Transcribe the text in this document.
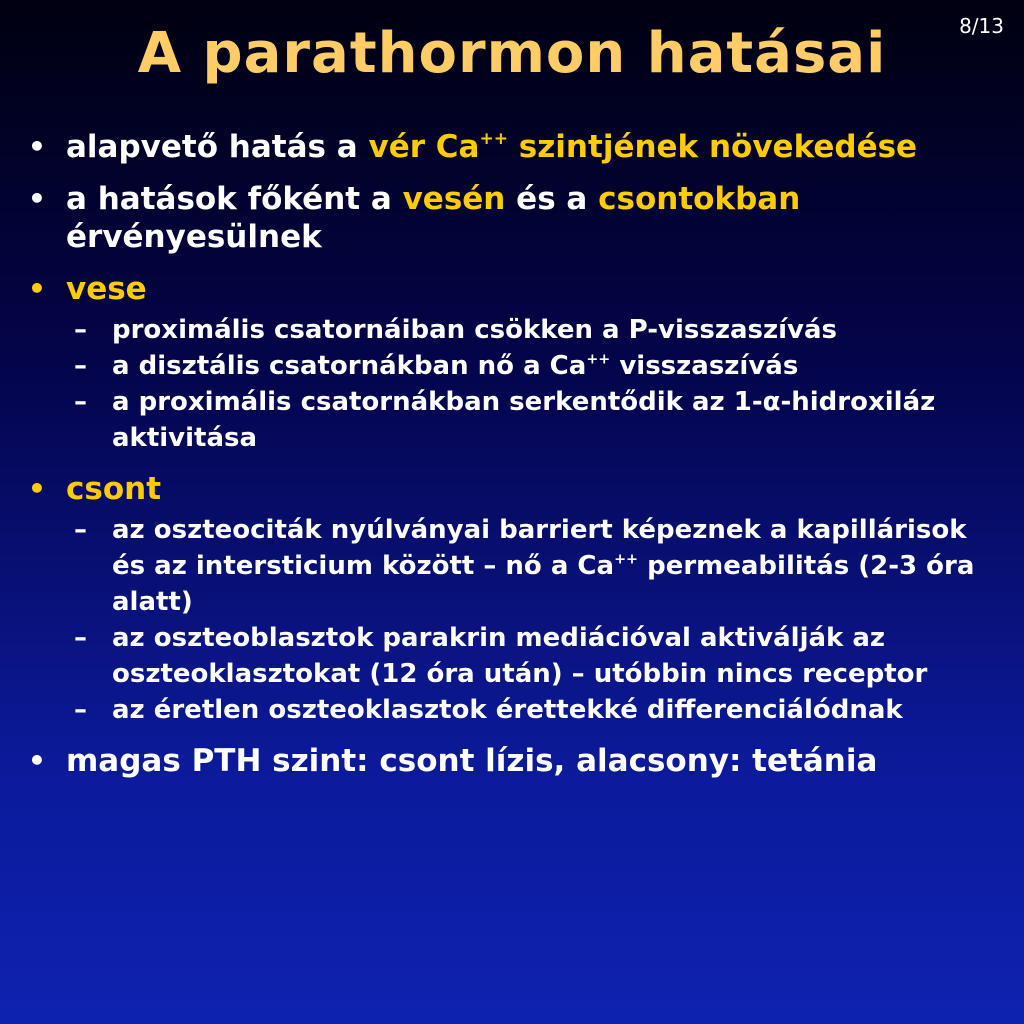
8/13
A parathormon hatásai
• alapvető hatás a vér Ca++ szintjének növekedése
• a hatások főként a vesén és a csontokban érvényesülnek
• vese
– proximális csatornáiban csökken a P-visszaszívás
– a disztális csatornákban nő a Ca++ visszaszívás
– a proximális csatornákban serkentődik az 1-α-hidroxiláz aktivitása
• csont
– az oszteociták nyúlványai barriert képeznek a kapillárisok és az intersticium között – nő a Ca++ permeabilitás (2-3 óra alatt)
– az oszteoblasztok parakrin mediációval aktiválják az oszteoklasztokat (12 óra után) – utóbbin nincs receptor
– az éretlen oszteoklasztok érettekké differenciálódnak
• magas PTH szint: csont lízis, alacsony: tetánia
